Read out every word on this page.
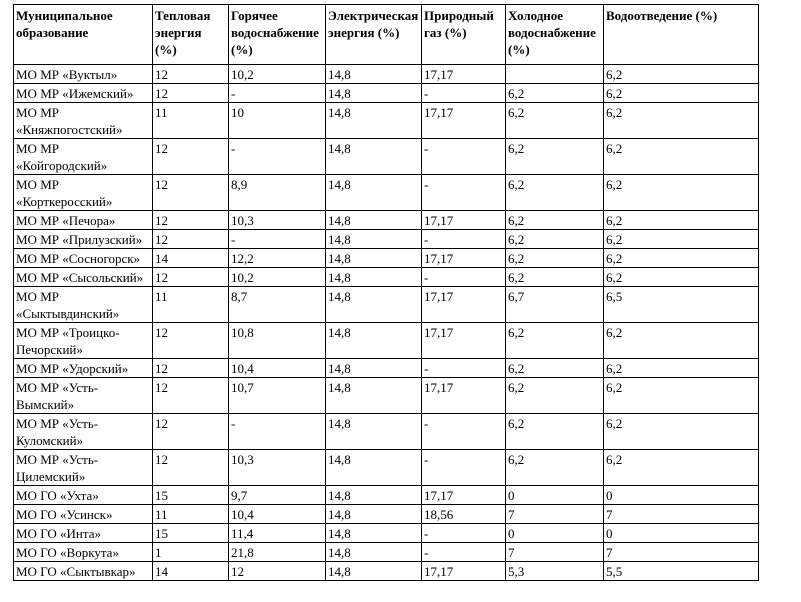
Муниципальное образование	Тепловая энергия (%)	Горячее водоснабжение (%)	Электрическая энергия (%)	Природный газ (%)	Холодное водоснабжение (%)	Водоотведение (%)
МО МР «Вуктыл»	12	10,2	14,8	17,17		6,2
МО МР «Ижемский»	12	-	14,8	-	6,2	6,2
МО МР «Княжпогостский»	11	10	14,8	17,17	6,2	6,2
МО МР «Койгородский»	12	-	14,8	-	6,2	6,2
МО МР «Корткеросский»	12	8,9	14,8	-	6,2	6,2
МО МР «Печора»	12	10,3	14,8	17,17	6,2	6,2
МО МР «Прилузский»	12	-	14,8	-	6,2	6,2
МО МР «Сосногорск»	14	12,2	14,8	17,17	6,2	6,2
МО МР «Сысольский»	12	10,2	14,8	-	6,2	6,2
МО МР «Сыктывдинский»	11	8,7	14,8	17,17	6,7	6,5
МО МР «Троицко-Печорский»	12	10,8	14,8	17,17	6,2	6,2
МО МР «Удорский»	12	10,4	14,8	-	6,2	6,2
МО МР «Усть-Вымский»	12	10,7	14,8	17,17	6,2	6,2
МО МР «Усть-Куломский»	12	-	14,8	-	6,2	6,2
МО МР «Усть-Цилемский»	12	10,3	14,8	-	6,2	6,2
МО ГО «Ухта»	15	9,7	14,8	17,17	0	0
МО ГО «Усинск»	11	10,4	14,8	18,56	7	7
МО ГО «Инта»	15	11,4	14,8	-	0	0
МО ГО «Воркута»	1	21,8	14,8	-	7	7
МО ГО «Сыктывкар»	14	12	14,8	17,17	5,3	5,5
